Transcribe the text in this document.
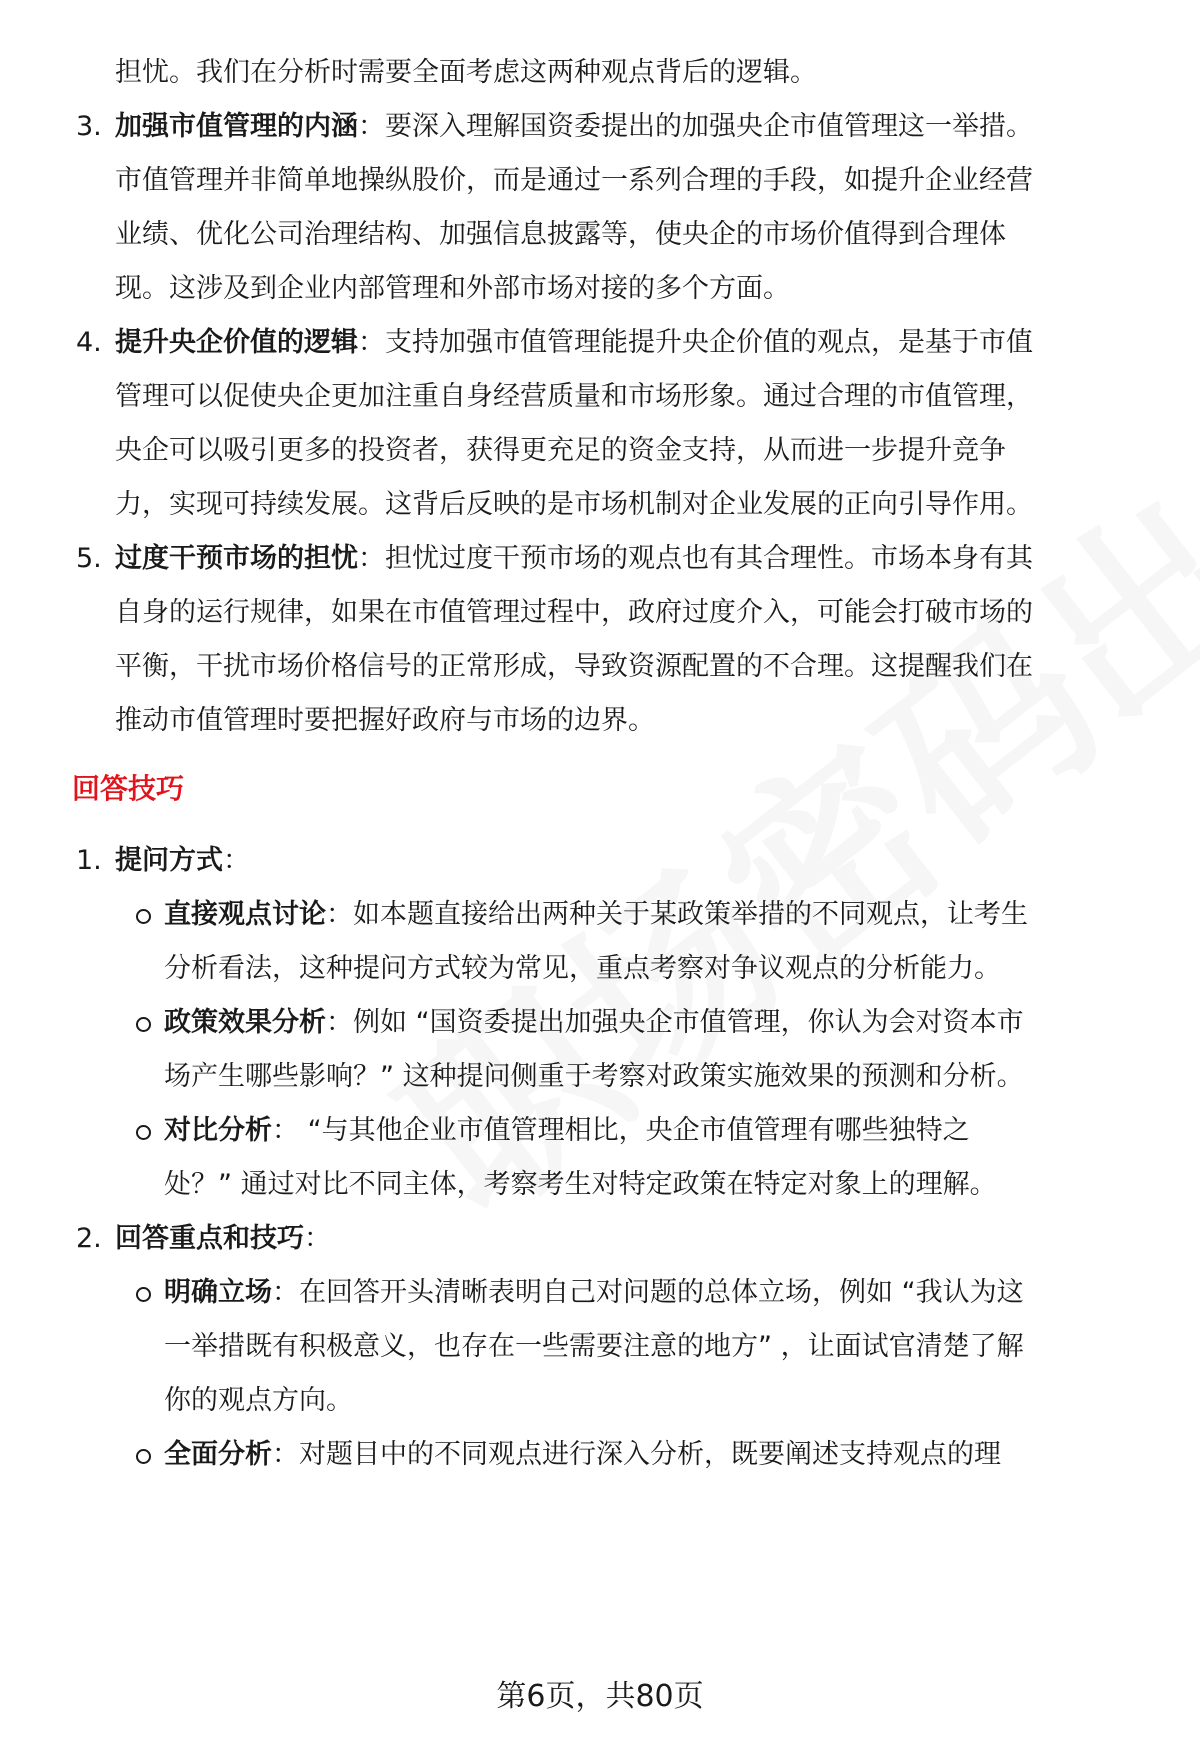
担忧。我们在分析时需要全面考虑这两种观点背后的逻辑。
3. 加强市值管理的内涵：要深入理解国资委提出的加强央企市值管理这一举措。
市值管理并非简单地操纵股价，而是通过一系列合理的手段，如提升企业经营
业绩、优化公司治理结构、加强信息披露等，使央企的市场价值得到合理体
现。这涉及到企业内部管理和外部市场对接的多个方面。
4. 提升央企价值的逻辑：支持加强市值管理能提升央企价值的观点，是基于市值
管理可以促使央企更加注重自身经营质量和市场形象。通过合理的市值管理，
央企可以吸引更多的投资者，获得更充足的资金支持，从而进一步提升竞争
力，实现可持续发展。这背后反映的是市场机制对企业发展的正向引导作用。
5. 过度干预市场的担忧：担忧过度干预市场的观点也有其合理性。市场本身有其
自身的运行规律，如果在市值管理过程中，政府过度介入，可能会打破市场的
平衡，干扰市场价格信号的正常形成，导致资源配置的不合理。这提醒我们在
推动市值管理时要把握好政府与市场的边界。
回答技巧
1. 提问方式：
直接观点讨论：如本题直接给出两种关于某政策举措的不同观点，让考生
分析看法，这种提问方式较为常见，重点考察对争议观点的分析能力。
政策效果分析：例如 “国资委提出加强央企市值管理，你认为会对资本市
场产生哪些影响？” 这种提问侧重于考察对政策实施效果的预测和分析。
对比分析： “与其他企业市值管理相比，央企市值管理有哪些独特之
处？” 通过对比不同主体，考察考生对特定政策在特定对象上的理解。
2. 回答重点和技巧：
明确立场：在回答开头清晰表明自己对问题的总体立场，例如 “我认为这
一举措既有积极意义，也存在一些需要注意的地方” ，让面试官清楚了解
你的观点方向。
全面分析：对题目中的不同观点进行深入分析，既要阐述支持观点的理
第6页，共80页
